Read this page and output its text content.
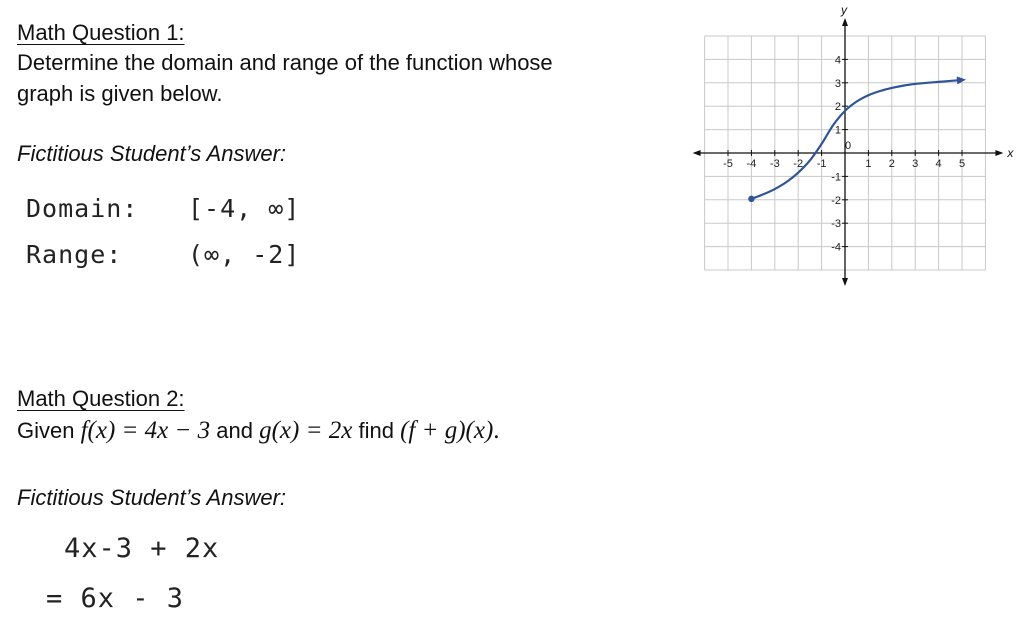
Math Question 1:
Determine the domain and range of the function whose
graph is given below.
Fictitious Student’s Answer:
Domain: [-4, ∞]
Range:	(∞, -2]
x
y
-5 -4 -3 -2 -1
0
1 2 3 4 5
4
3
2
1
-1
-2
-3
-4
Math Question 2:
Given f(x) = 4x − 3 and g(x) = 2x find (f + g)(x).
Fictitious Student’s Answer:
4x-3 + 2x
= 6x - 3
